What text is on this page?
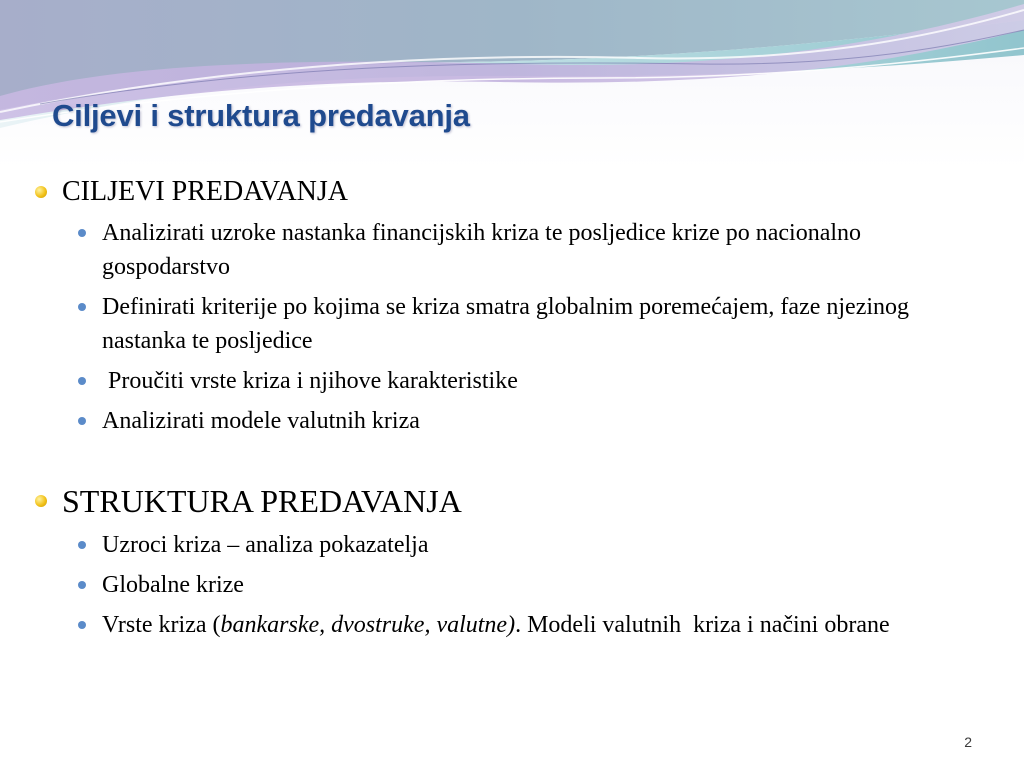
Ciljevi i struktura predavanja
CILJEVI PREDAVANJA
Analizirati uzroke nastanka financijskih kriza te posljedice krize po nacionalno gospodarstvo
Definirati kriterije po kojima se kriza smatra globalnim poremećajem, faze njezinog nastanka te posljedice
Proučiti vrste kriza i njihove karakteristike
Analizirati modele valutnih kriza
STRUKTURA PREDAVANJA
Uzroci kriza – analiza pokazatelja
Globalne krize
Vrste kriza (bankarske, dvostruke, valutne). Modeli valutnih  kriza i načini obrane
2
